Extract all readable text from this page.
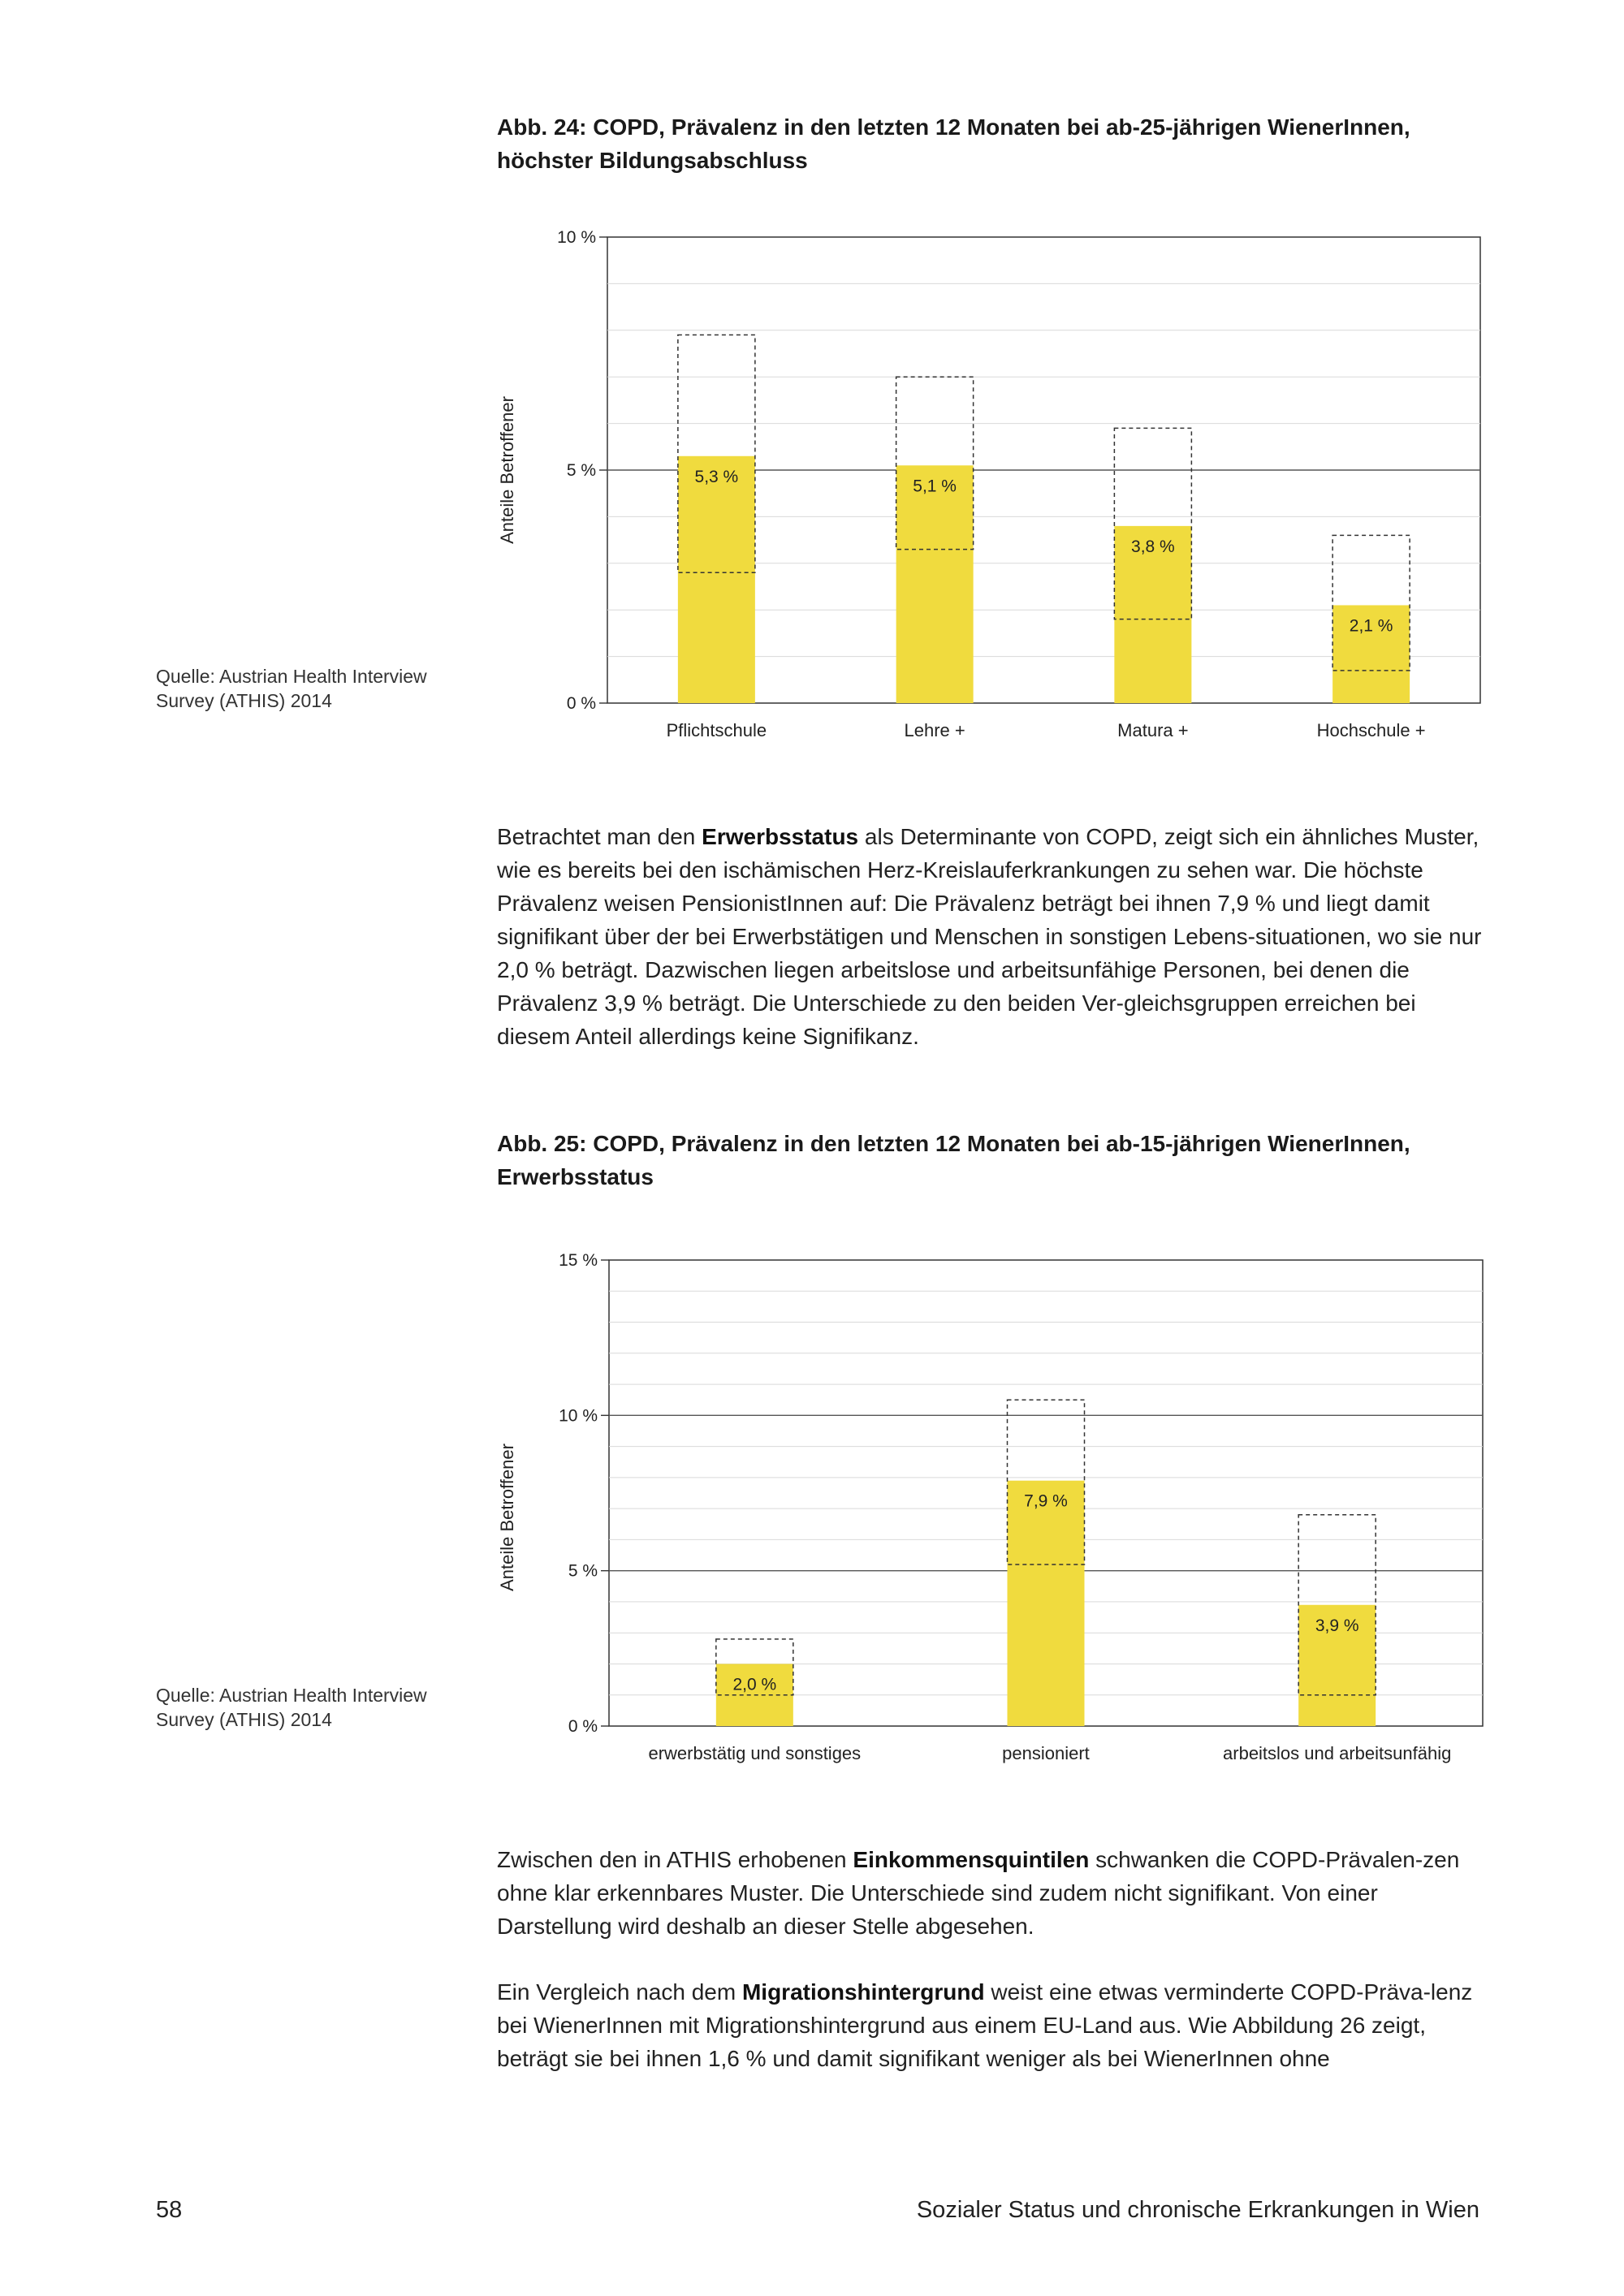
Abb. 24: COPD, Prävalenz in den letzten 12 Monaten bei ab-25-jährigen WienerInnen, höchster Bildungsabschluss
Quelle: Austrian Health Interview Survey (ATHIS) 2014	0 %
5 %
10 %
Anteile Betroffener	5,3 %
Pflichtschule
5,1 %
Lehre +
3,8 %
Matura +
2,1 %
Hochschule +

Betrachtet man den Erwerbsstatus als Determinante von COPD, zeigt sich ein ähnliches Muster, wie es bereits bei den ischämischen Herz-Kreislauferkrankungen zu sehen war. Die höchste Prävalenz weisen PensionistInnen auf: Die Prävalenz beträgt bei ihnen 7,9 % und liegt damit signifikant über der bei Erwerbstätigen und Menschen in sonstigen Lebens-situationen, wo sie nur 2,0 % beträgt. Dazwischen liegen arbeitslose und arbeitsunfähige Personen, bei denen die Prävalenz 3,9 % beträgt. Die Unterschiede zu den beiden Ver-gleichsgruppen erreichen bei diesem Anteil allerdings keine Signifikanz.

Abb. 25: COPD, Prävalenz in den letzten 12 Monaten bei ab-15-jährigen WienerInnen, Erwerbsstatus
Quelle: Austrian Health Interview Survey (ATHIS) 2014	0 %
5 %
10 %
15 %
Anteile Betroffener
2,0 %
erwerbstätig und sonstiges
7,9 %
pensioniert
3,9 %
arbeitslos und arbeitsunfähig

Zwischen den in ATHIS erhobenen Einkommensquintilen schwanken die COPD-Prävalen-zen ohne klar erkennbares Muster. Die Unterschiede sind zudem nicht signifikant. Von einer Darstellung wird deshalb an dieser Stelle abgesehen.

Ein Vergleich nach dem Migrationshintergrund weist eine etwas verminderte COPD-Präva-lenz bei WienerInnen mit Migrationshintergrund aus einem EU-Land aus. Wie Abbildung 26 zeigt, beträgt sie bei ihnen 1,6 % und damit signifikant weniger als bei WienerInnen ohne

58	Sozialer Status und chronische Erkrankungen in Wien
